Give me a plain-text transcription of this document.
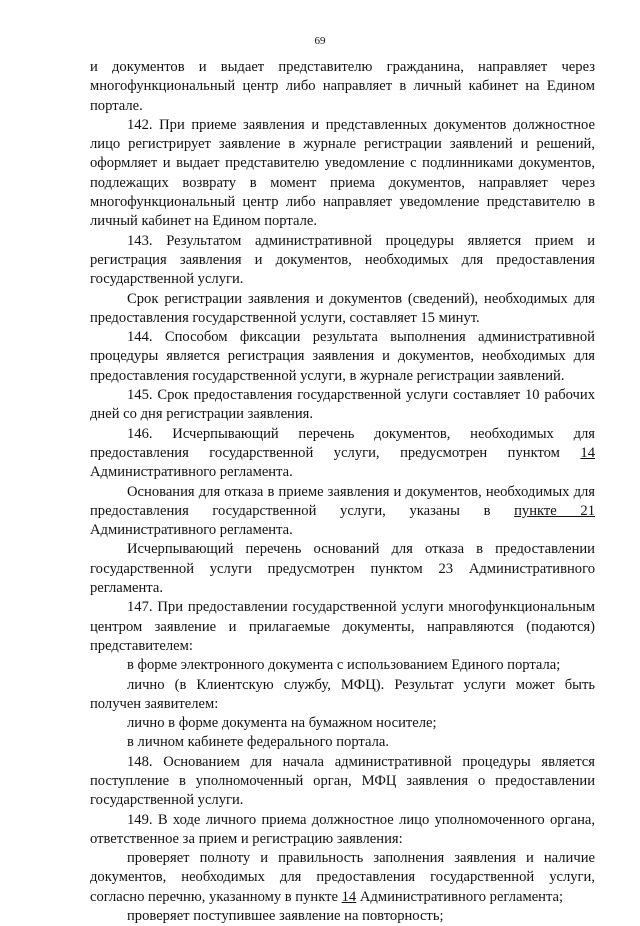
69

и документов и выдает представителю гражданина, направляет через многофункциональный центр либо направляет в личный кабинет на Едином портале.

142. При приеме заявления и представленных документов должностное лицо регистрирует заявление в журнале регистрации заявлений и решений, оформляет и выдает представителю уведомление с подлинниками документов, подлежащих возврату в момент приема документов, направляет через многофункциональный центр либо направляет уведомление представителю в личный кабинет на Едином портале.

143. Результатом административной процедуры является прием и регистрация заявления и документов, необходимых для предоставления государственной услуги.

Срок регистрации заявления и документов (сведений), необходимых для предоставления государственной услуги, составляет 15 минут.

144. Способом фиксации результата выполнения административной процедуры является регистрация заявления и документов, необходимых для предоставления государственной услуги, в журнале регистрации заявлений.

145. Срок предоставления государственной услуги составляет 10 рабочих дней со дня регистрации заявления.

146. Исчерпывающий перечень документов, необходимых для предоставления государственной услуги, предусмотрен пунктом 14 Административного регламента.

Основания для отказа в приеме заявления и документов, необходимых для предоставления государственной услуги, указаны в пункте 21 Административного регламента.

Исчерпывающий перечень оснований для отказа в предоставлении государственной услуги предусмотрен пунктом 23 Административного регламента.

147. При предоставлении государственной услуги многофункциональным центром заявление и прилагаемые документы, направляются (подаются) представителем:

в форме электронного документа с использованием Единого портала;

лично (в Клиентскую службу, МФЦ). Результат услуги может быть получен заявителем:

лично в форме документа на бумажном носителе;

в личном кабинете федерального портала.

148. Основанием для начала административной процедуры является поступление в уполномоченный орган, МФЦ заявления о предоставлении государственной услуги.

149. В ходе личного приема должностное лицо уполномоченного органа, ответственное за прием и регистрацию заявления:

проверяет полноту и правильность заполнения заявления и наличие документов, необходимых для предоставления государственной услуги, согласно перечню, указанному в пункте 14 Административного регламента;

проверяет поступившее заявление на повторность;
